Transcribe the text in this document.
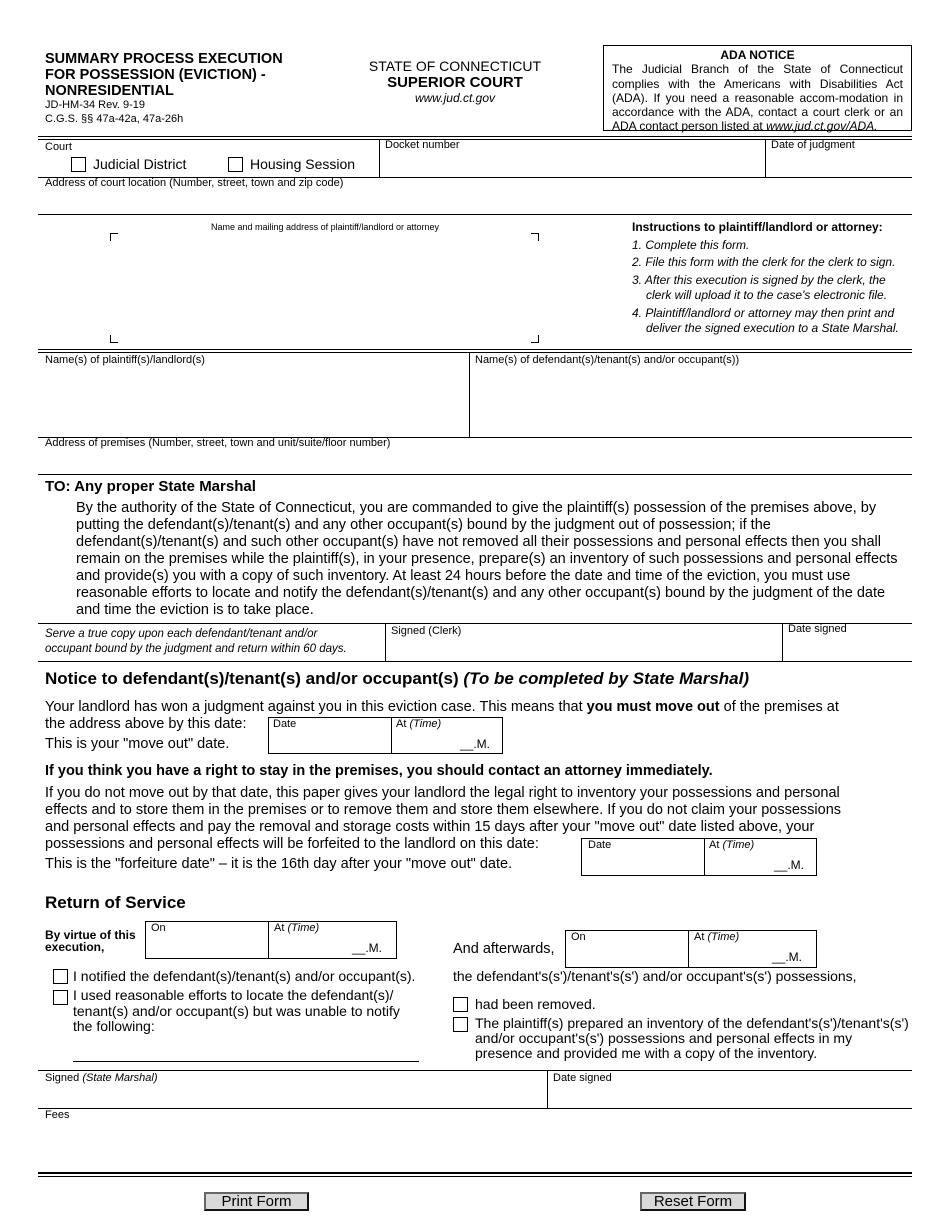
SUMMARY PROCESS EXECUTION
FOR POSSESSION (EVICTION) -
NONRESIDENTIAL
JD-HM-34 Rev. 9-19
C.G.S. §§ 47a-42a, 47a-26h
STATE OF CONNECTICUT
SUPERIOR COURT
www.jud.ct.gov
ADA NOTICE
The Judicial Branch of the State of Connecticut complies with the Americans with Disabilities Act (ADA). If you need a reasonable accom-modation in accordance with the ADA, contact a court clerk or an ADA contact person listed at www.jud.ct.gov/ADA.
Court
Judicial District	Housing Session
Docket number	Date of judgment
Address of court location (Number, street, town and zip code)
Name and mailing address of plaintiff/landlord or attorney	Instructions to plaintiff/landlord or attorney:
1. Complete this form.
2. File this form with the clerk for the clerk to sign.
3. After this execution is signed by the clerk, the
clerk will upload it to the case's electronic file.
4. Plaintiff/landlord or attorney may then print and
deliver the signed execution to a State Marshal.
Name(s) of plaintiff(s)/landlord(s)	Name(s) of defendant(s)/tenant(s) and/or occupant(s))
Address of premises (Number, street, town and unit/suite/floor number)
TO: Any proper State Marshal
By the authority of the State of Connecticut, you are commanded to give the plaintiff(s) possession of the premises above, by putting the defendant(s)/tenant(s) and any other occupant(s) bound by the judgment out of possession; if the defendant(s)/tenant(s) and such other occupant(s) have not removed all their possessions and personal effects then you shall remain on the premises while the plaintiff(s), in your presence, prepare(s) an inventory of such possessions and personal effects and provide(s) you with a copy of such inventory. At least 24 hours before the date and time of the eviction, you must use reasonable efforts to locate and notify the defendant(s)/tenant(s) and any other occupant(s) bound by the judgment of the date and time the eviction is to take place.
Serve a true copy upon each defendant/tenant and/or
occupant bound by the judgment and return within 60 days.
Signed (Clerk)	Date signed
Notice to defendant(s)/tenant(s) and/or occupant(s) (To be completed by State Marshal)
Your landlord has won a judgment against you in this eviction case. This means that you must move out of the premises at
the address above by this date:
This is your "move out" date.
Date	At (Time)
__.M.
If you think you have a right to stay in the premises, you should contact an attorney immediately.
If you do not move out by that date, this paper gives your landlord the legal right to inventory your possessions and personal
effects and to store them in the premises or to remove them and store them elsewhere. If you do not claim your possessions
and personal effects and pay the removal and storage costs within 15 days after your "move out" date listed above, your
possessions and personal effects will be forfeited to the landlord on this date:
This is the "forfeiture date" – it is the 16th day after your "move out" date.
Date	At (Time)
__.M.
Return of Service
By virtue of this
execution,
On	At (Time)
__.M.	And afterwards,
On	At (Time)
__.M.
I notified the defendant(s)/tenant(s) and/or occupant(s).
I used reasonable efforts to locate the defendant(s)/
tenant(s) and/or occupant(s) but was unable to notify
the following:
the defendant's(s')/tenant's(s') and/or occupant's(s') possessions,
had been removed.
The plaintiff(s) prepared an inventory of the defendant's(s')/tenant's(s')
and/or occupant's(s') possessions and personal effects in my
presence and provided me with a copy of the inventory.
Signed (State Marshal)	Date signed
Fees
Print Form	Reset Form
